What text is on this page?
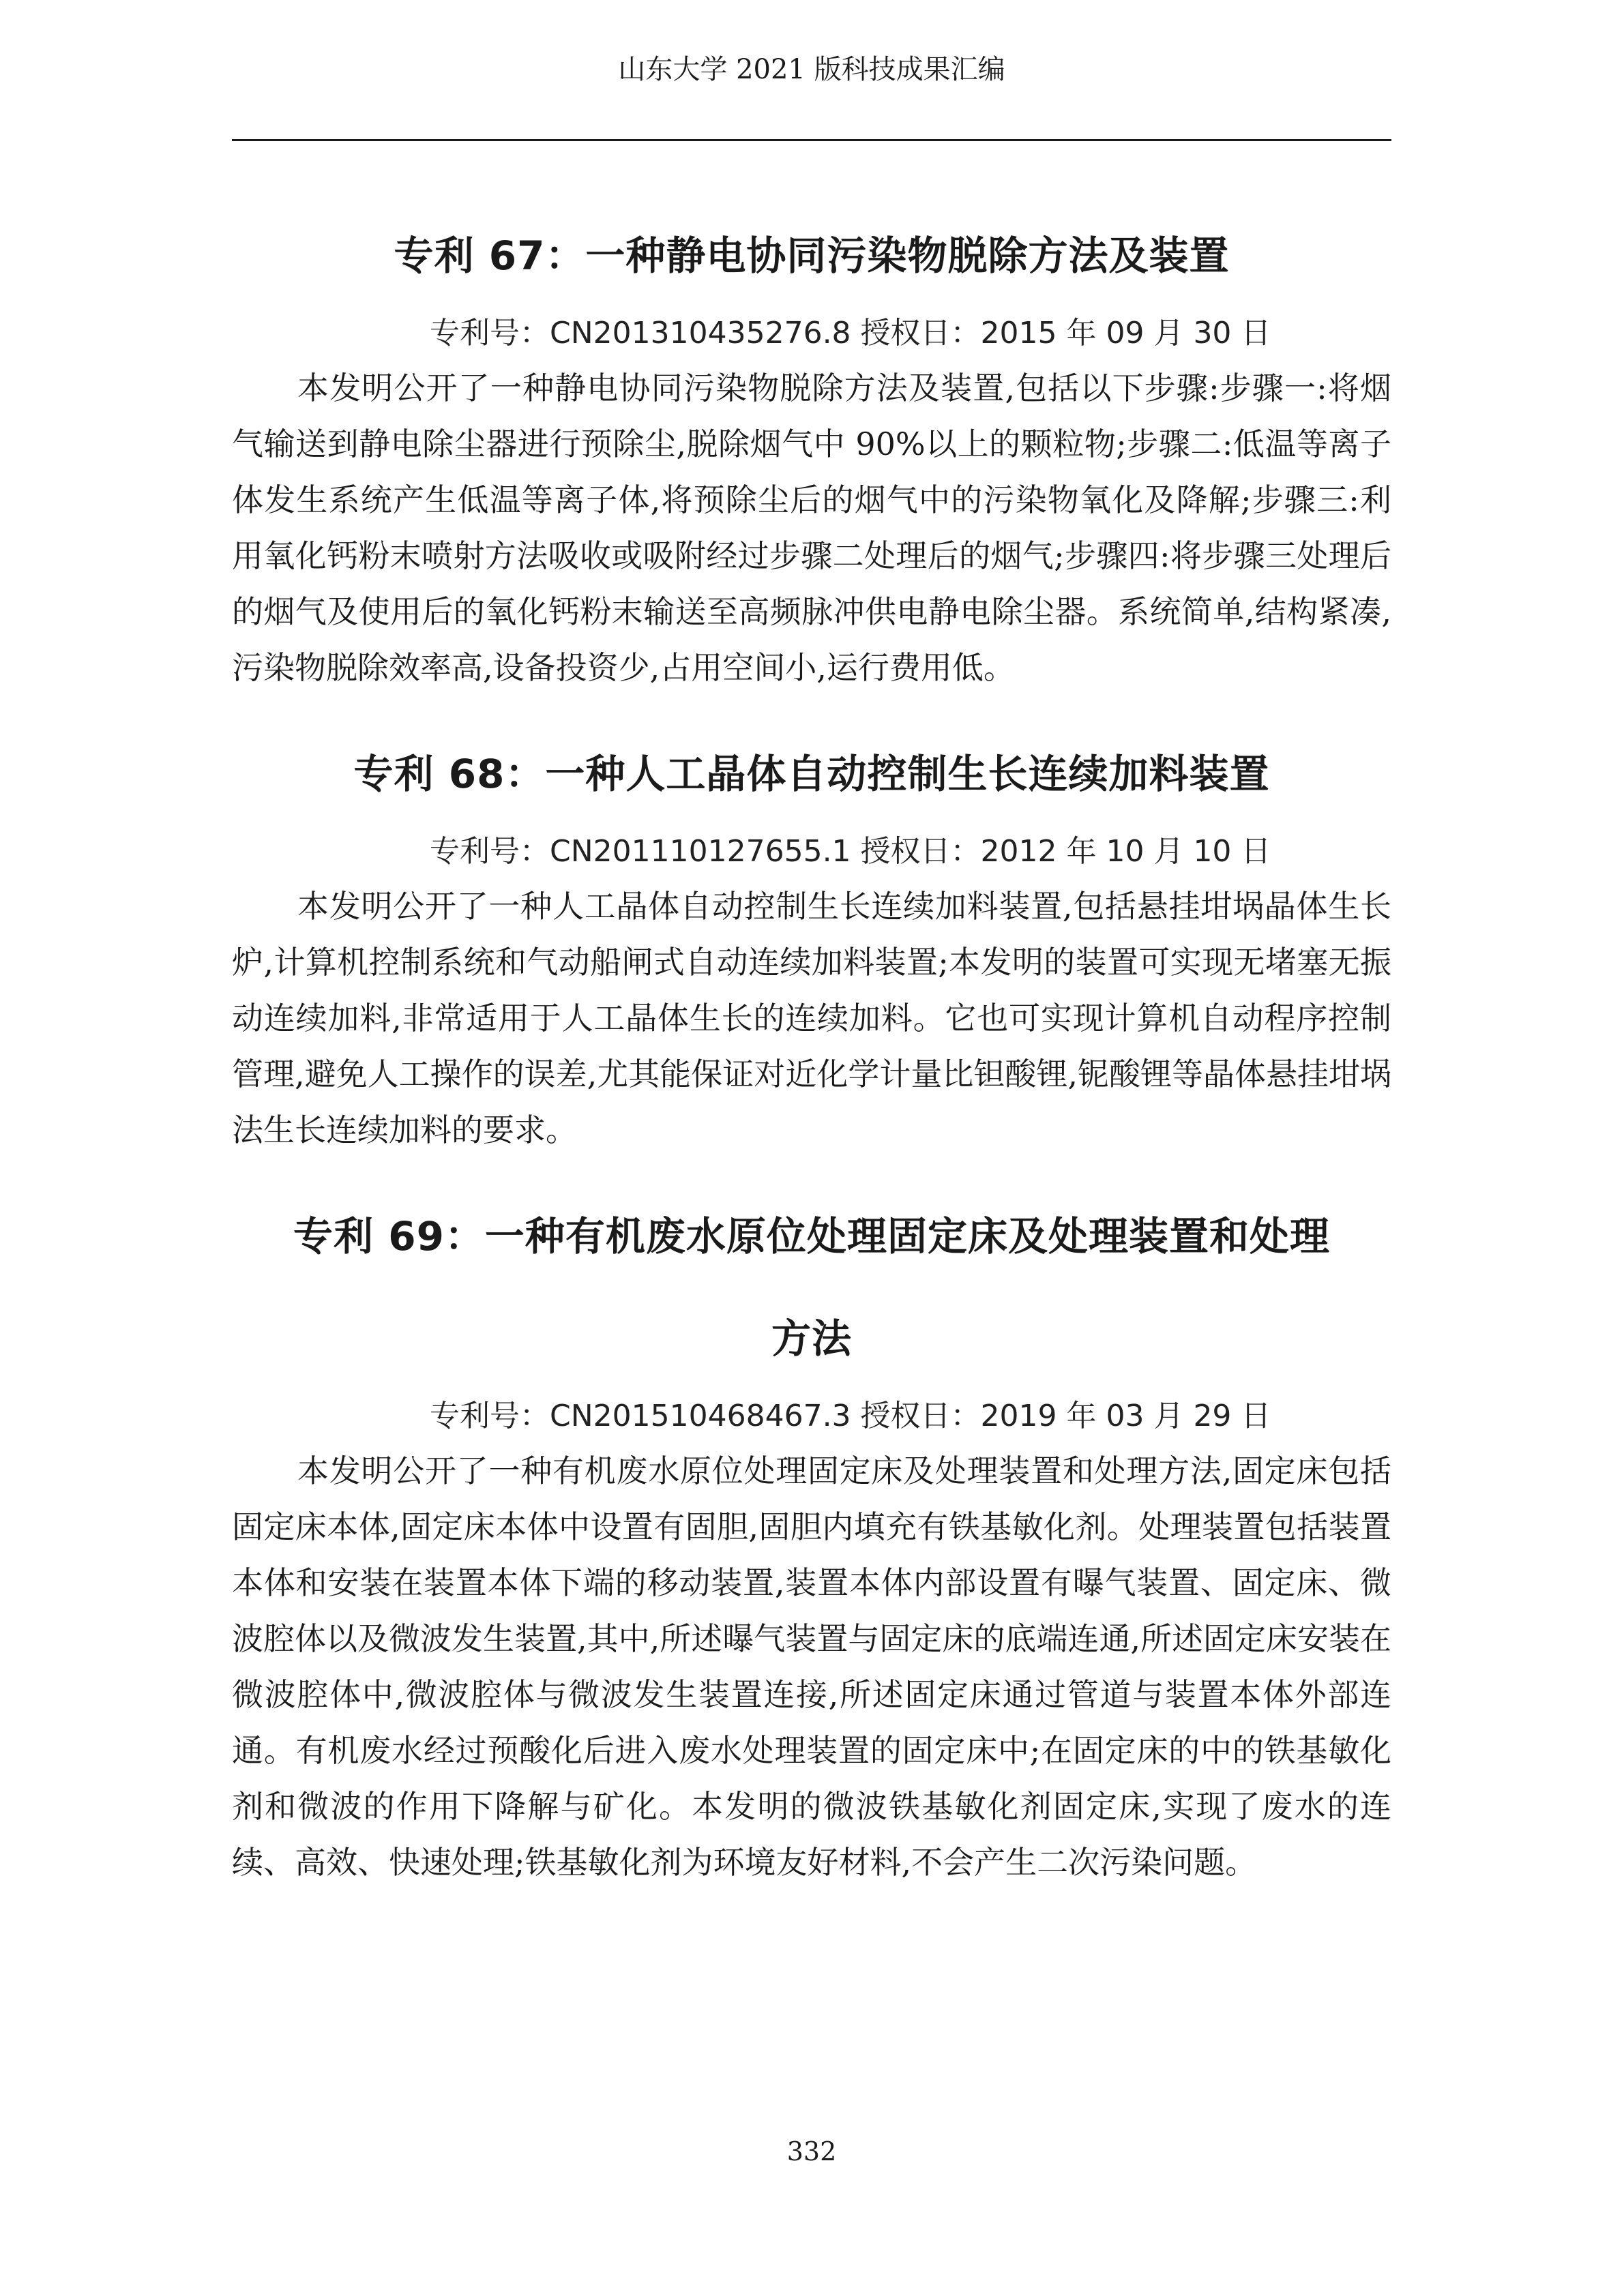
山东大学 2021 版科技成果汇编
专利 67：一种静电协同污染物脱除方法及装置

专利号：CN201310435276.8 授权日：2015 年 09 月 30 日

本发明公开了一种静电协同污染物脱除方法及装置,包括以下步骤:步骤一:将烟气输送到静电除尘器进行预除尘,脱除烟气中 90%以上的颗粒物;步骤二:低温等离子体发生系统产生低温等离子体,将预除尘后的烟气中的污染物氧化及降解;步骤三:利用氧化钙粉末喷射方法吸收或吸附经过步骤二处理后的烟气;步骤四:将步骤三处理后的烟气及使用后的氧化钙粉末输送至高频脉冲供电静电除尘器。系统简单,结构紧凑,污染物脱除效率高,设备投资少,占用空间小,运行费用低。

专利 68：一种人工晶体自动控制生长连续加料装置

专利号：CN201110127655.1 授权日：2012 年 10 月 10 日

本发明公开了一种人工晶体自动控制生长连续加料装置,包括悬挂坩埚晶体生长炉,计算机控制系统和气动船闸式自动连续加料装置;本发明的装置可实现无堵塞无振动连续加料,非常适用于人工晶体生长的连续加料。它也可实现计算机自动程序控制管理,避免人工操作的误差,尤其能保证对近化学计量比钽酸锂,铌酸锂等晶体悬挂坩埚法生长连续加料的要求。

专利 69：一种有机废水原位处理固定床及处理装置和处理
方法

专利号：CN201510468467.3 授权日：2019 年 03 月 29 日

本发明公开了一种有机废水原位处理固定床及处理装置和处理方法,固定床包括固定床本体,固定床本体中设置有固胆,固胆内填充有铁基敏化剂。处理装置包括装置本体和安装在装置本体下端的移动装置,装置本体内部设置有曝气装置、固定床、微波腔体以及微波发生装置,其中,所述曝气装置与固定床的底端连通,所述固定床安装在微波腔体中,微波腔体与微波发生装置连接,所述固定床通过管道与装置本体外部连通。有机废水经过预酸化后进入废水处理装置的固定床中;在固定床的中的铁基敏化剂和微波的作用下降解与矿化。本发明的微波铁基敏化剂固定床,实现了废水的连续、高效、快速处理;铁基敏化剂为环境友好材料,不会产生二次污染问题。

332
